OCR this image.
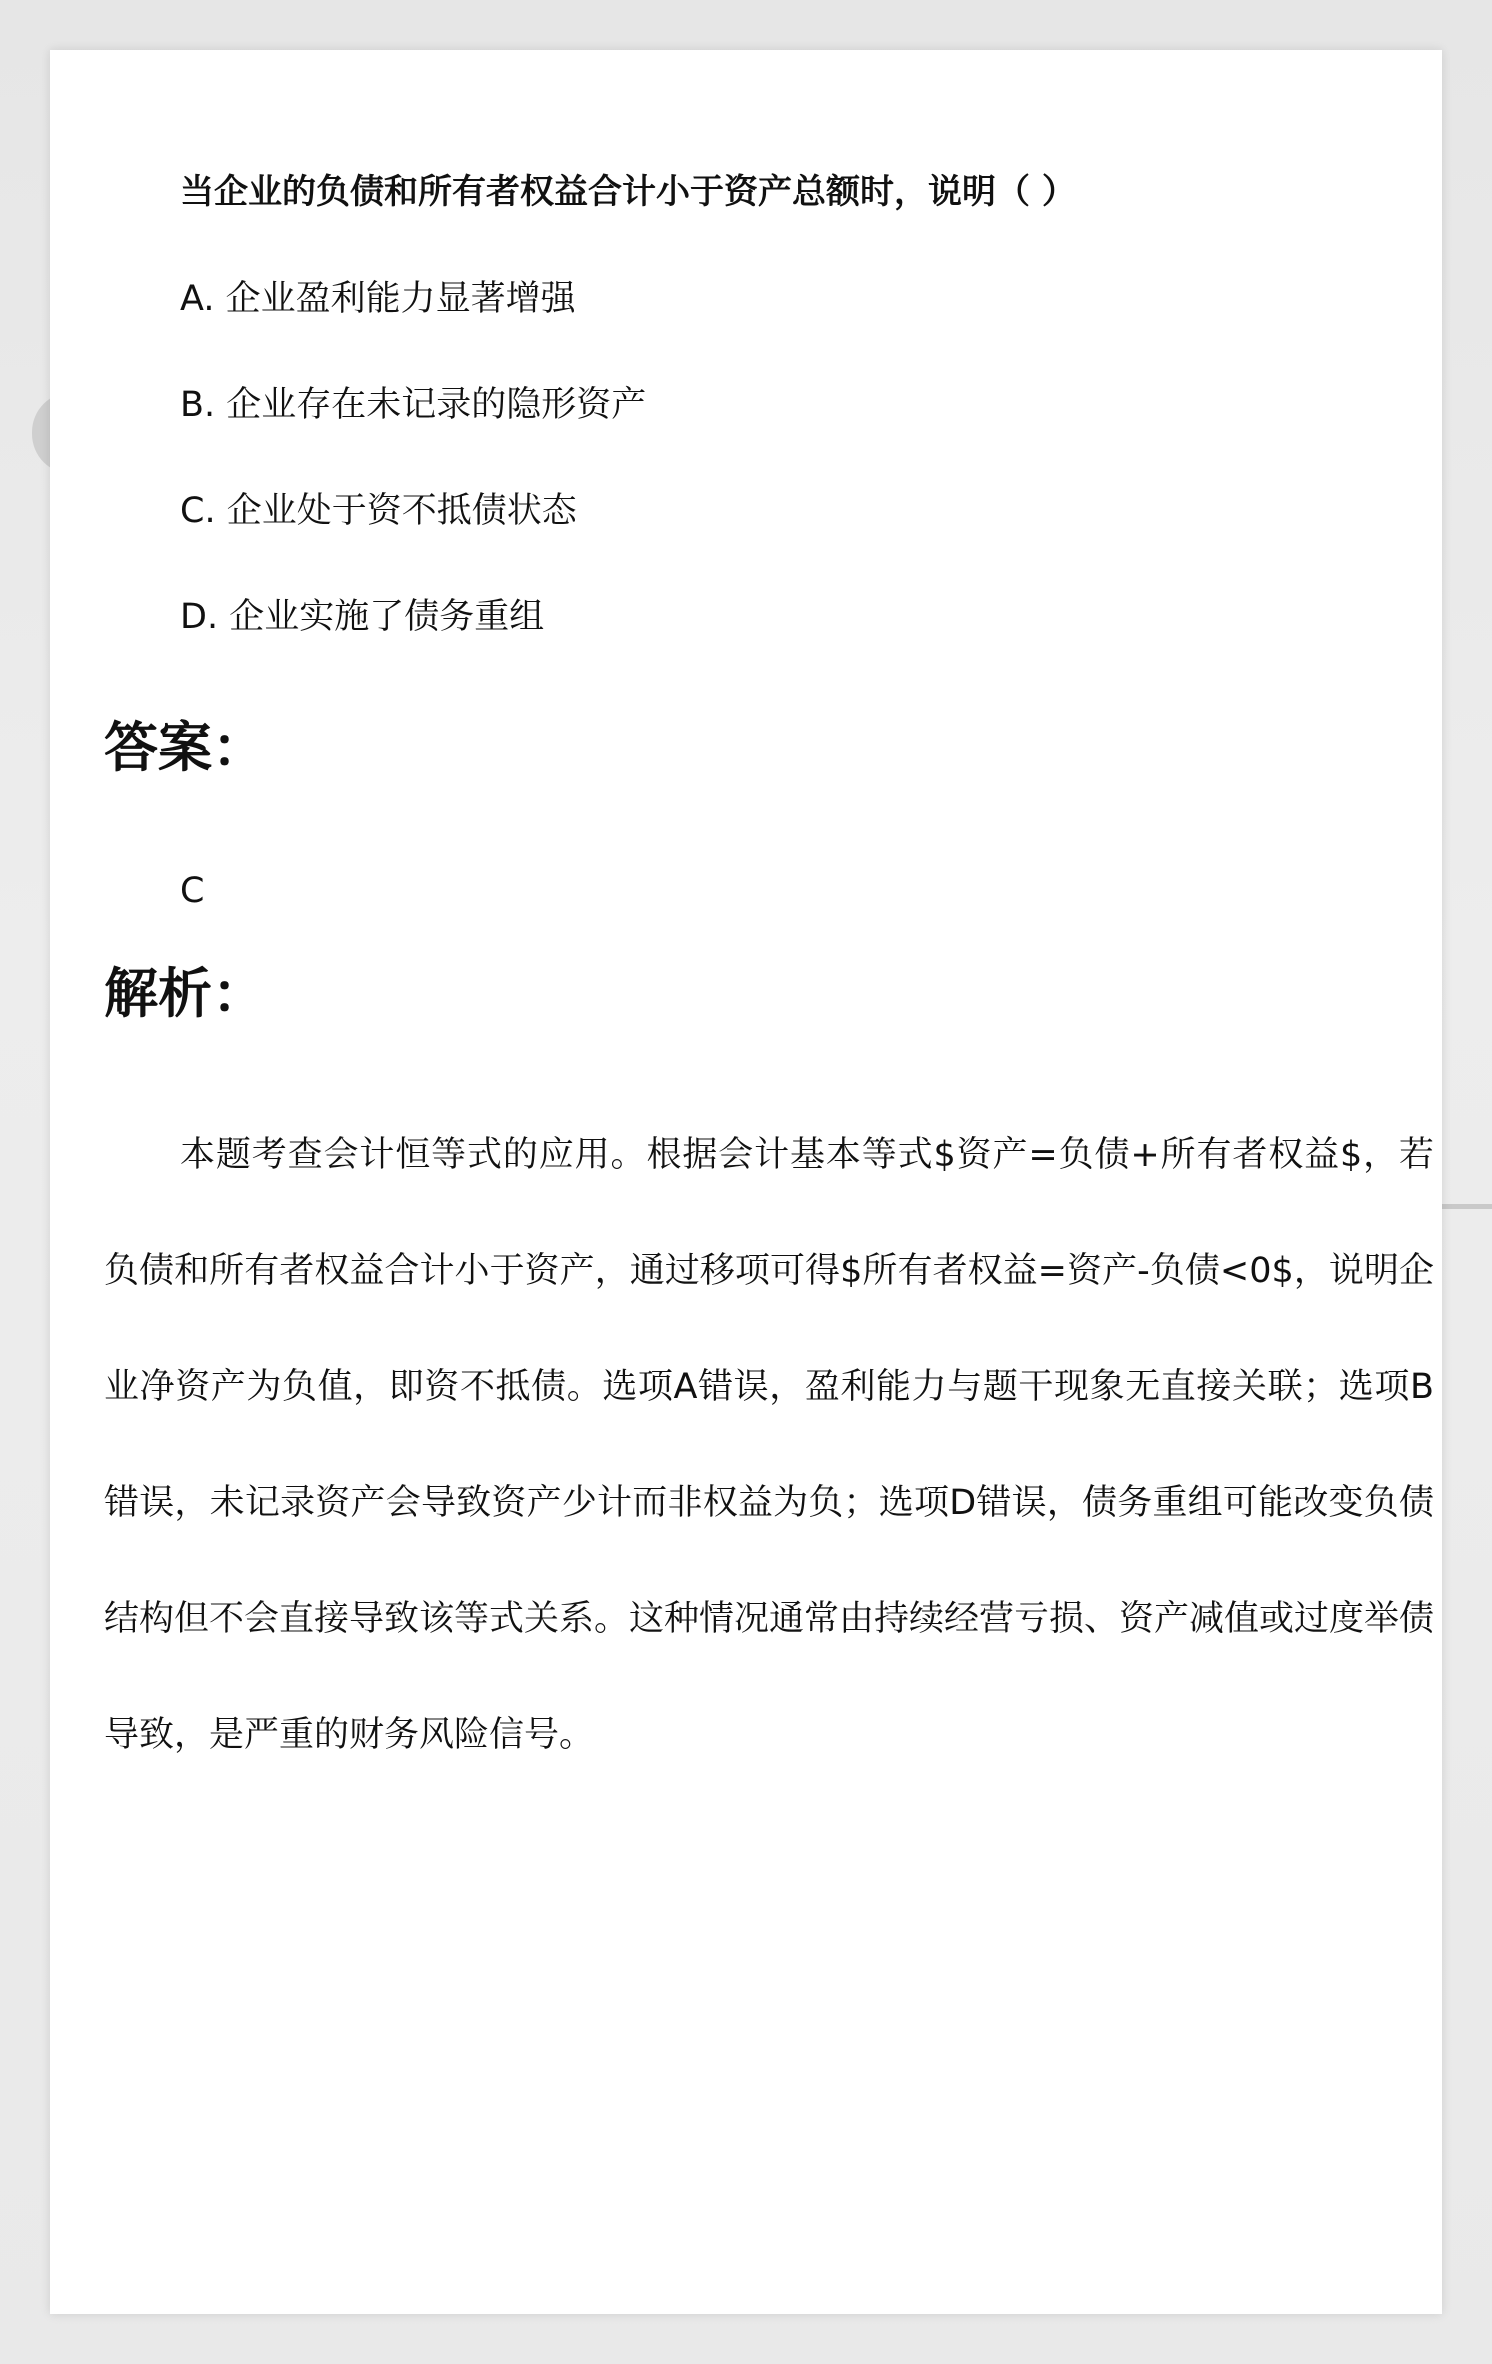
当企业的负债和所有者权益合计小于资产总额时，说明（ ）
A. 企业盈利能力显著增强
B. 企业存在未记录的隐形资产
C. 企业处于资不抵债状态
D. 企业实施了债务重组
答案：
C
解析：

本题考查会计恒等式的应用。根据会计基本等式$资产=负债+所有者权益$，若负债和所有者权益合计小于资产，通过移项可得$所有者权益=资产-负债<0$，说明企业净资产为负值，即资不抵债。选项A错误，盈利能力与题干现象无直接关联；选项B错误，未记录资产会导致资产少计而非权益为负；选项D错误，债务重组可能改变负债结构但不会直接导致该等式关系。这种情况通常由持续经营亏损、资产减值或过度举债导致，是严重的财务风险信号。
